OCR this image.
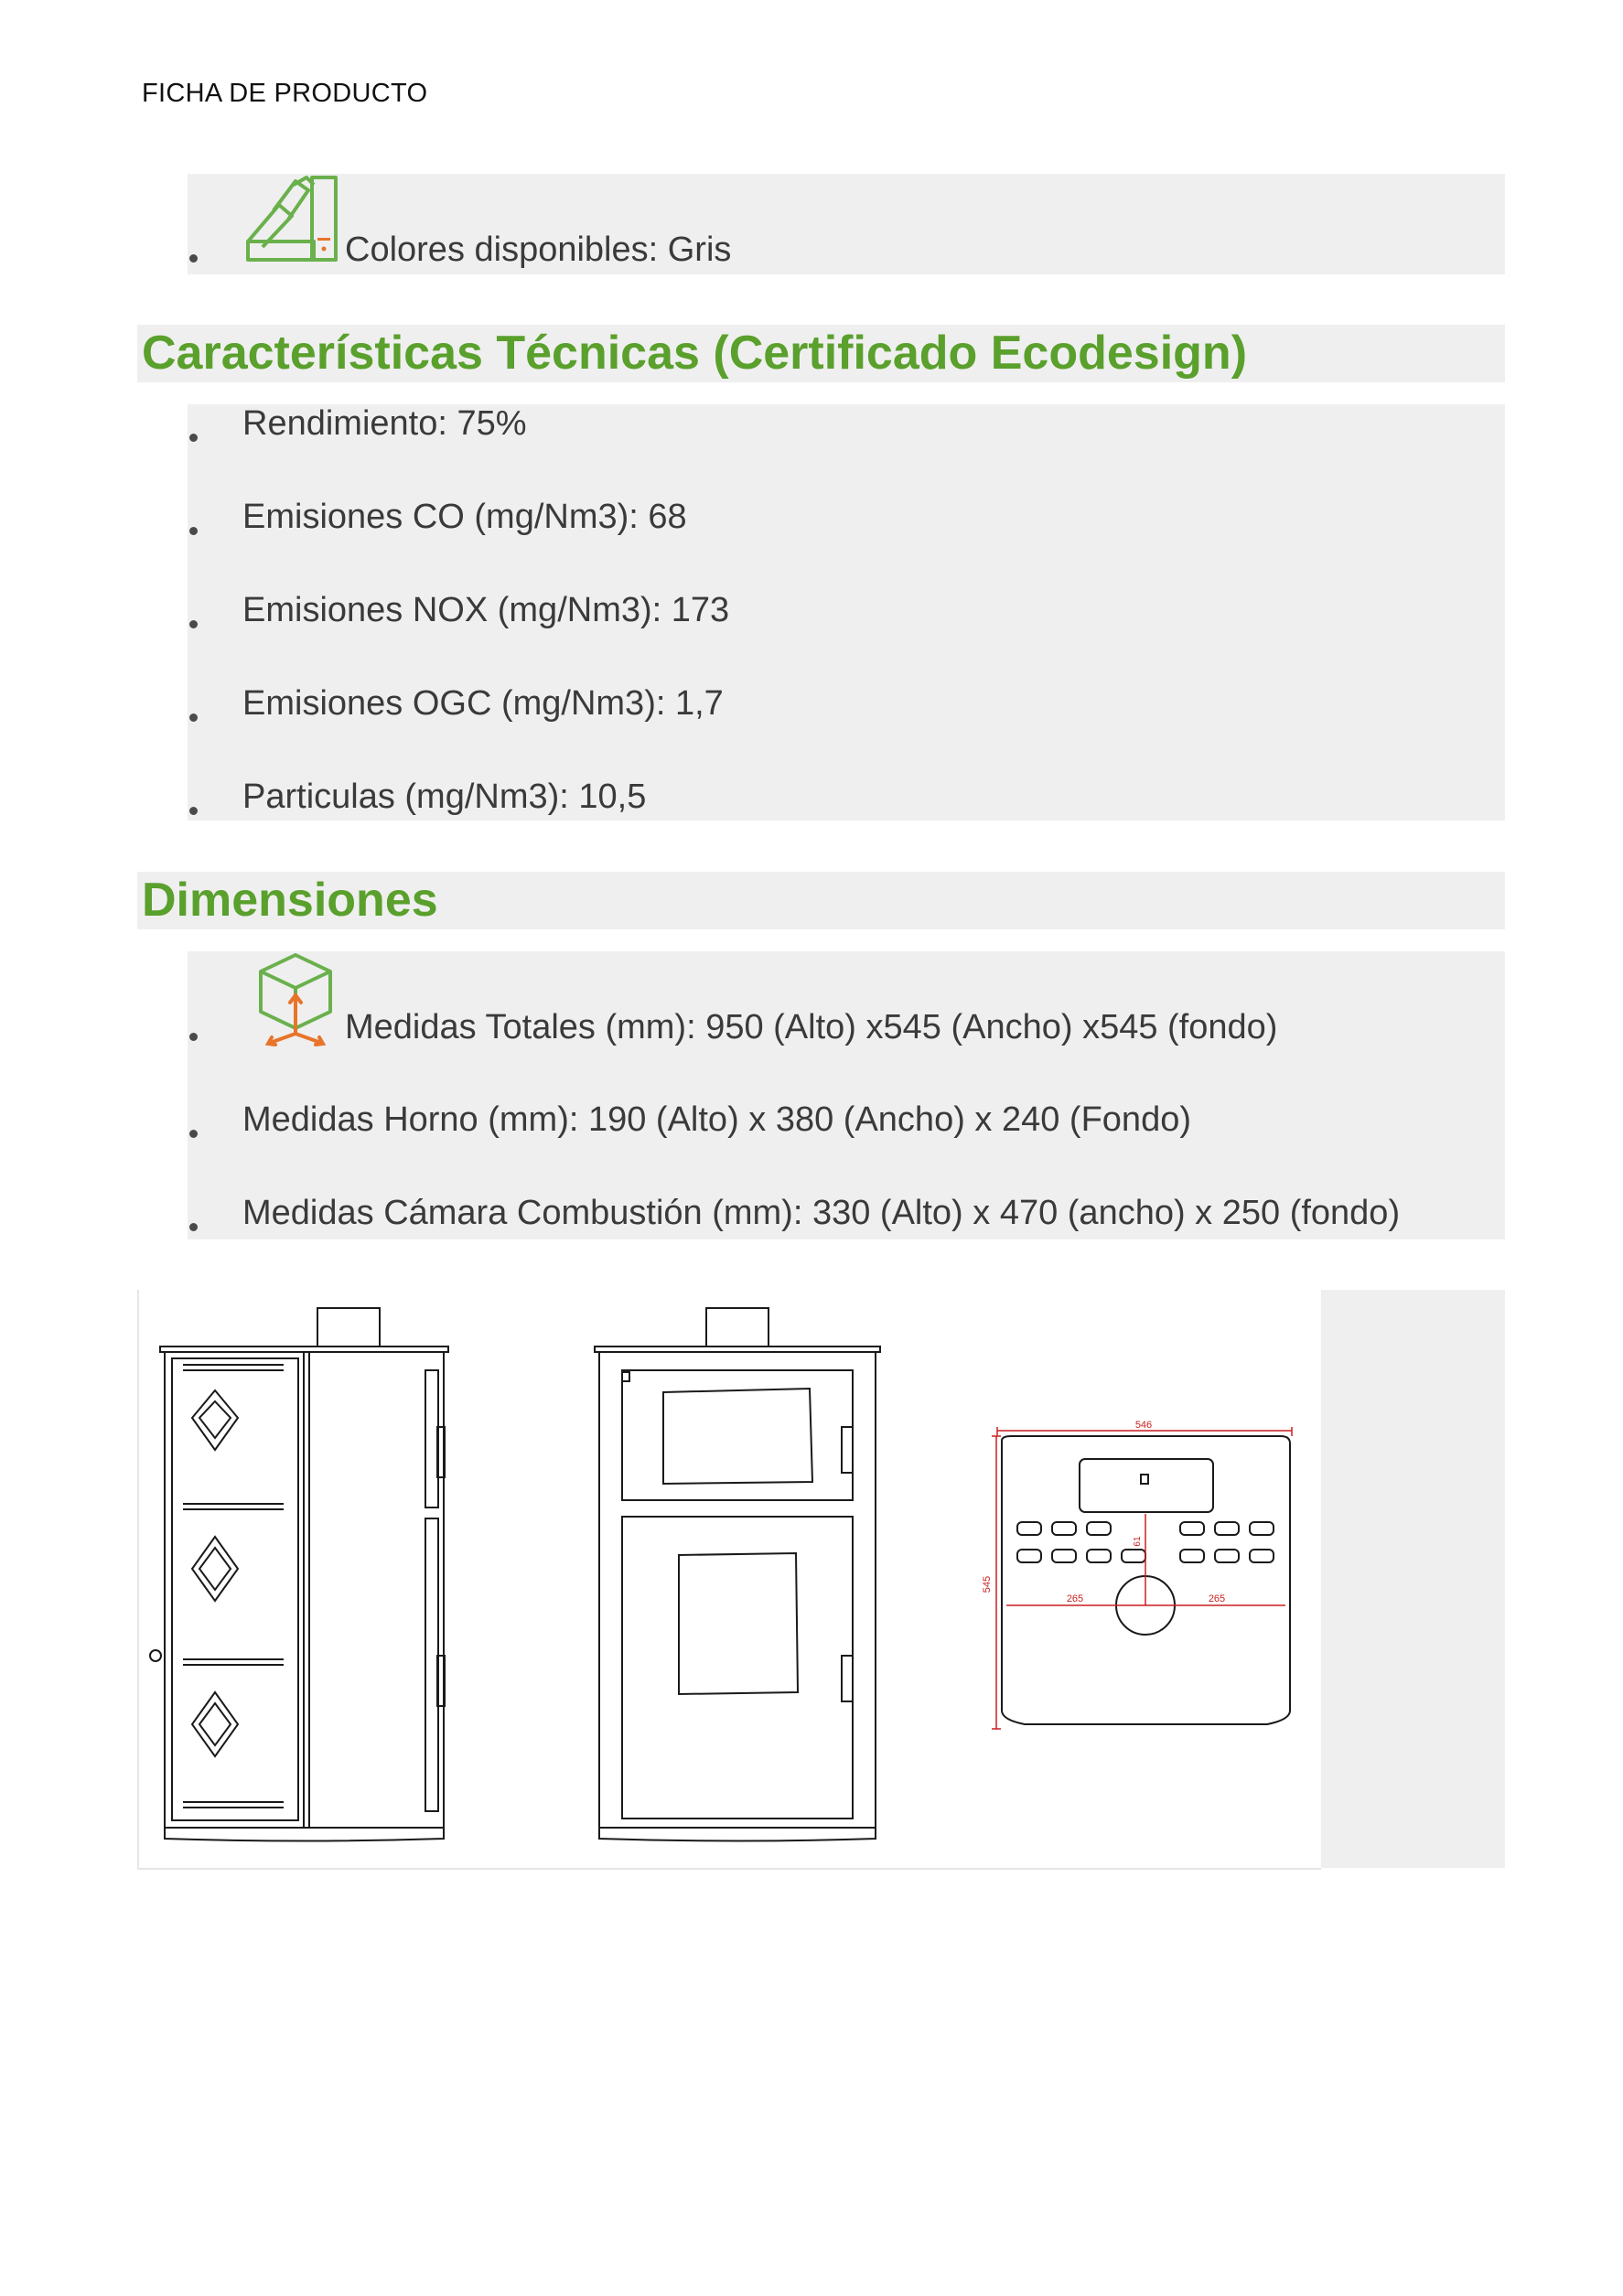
FICHA DE PRODUCTO
Colores disponibles: Gris
Características Técnicas (Certificado Ecodesign)
Rendimiento: 75%
Emisiones CO (mg/Nm3): 68
Emisiones NOX (mg/Nm3): 173
Emisiones OGC (mg/Nm3): 1,7
Particulas (mg/Nm3): 10,5
Dimensiones
Medidas Totales (mm): 950 (Alto) x545 (Ancho) x545 (fondo)
Medidas Horno (mm): 190 (Alto) x 380 (Ancho) x 240 (Fondo)
Medidas Cámara Combustión (mm): 330 (Alto) x 470 (ancho) x 250 (fondo)
546
545
265	265
61
